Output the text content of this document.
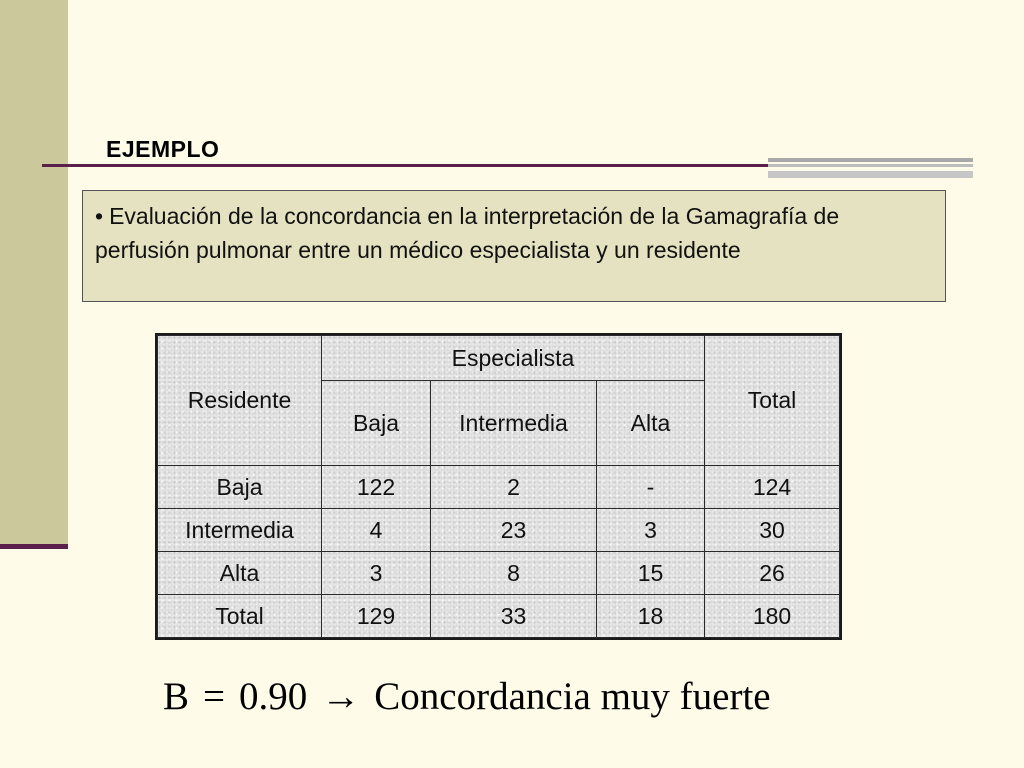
EJEMPLO
• Evaluación de la concordancia en la interpretación de la Gamagrafía de perfusión pulmonar entre un médico especialista y un residente
Residente	Especialista			Total
	Baja	Intermedia	Alta	
Baja	122	2	-	124
Intermedia	4	23	3	30
Alta	3	8	15	26
Total	129	33	18	180
B = 0.90 → Concordancia muy fuerte
